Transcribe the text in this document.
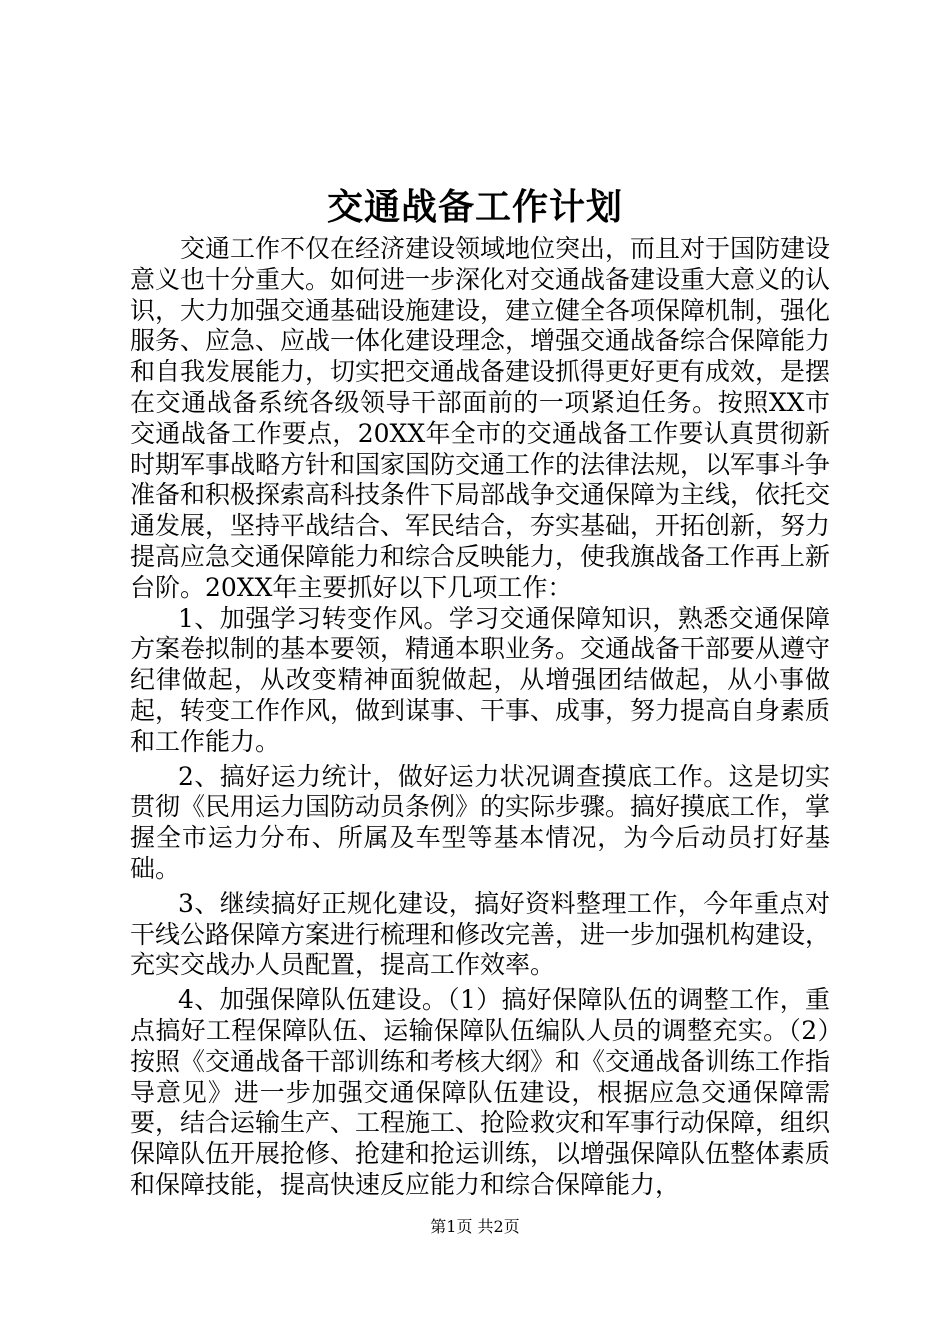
交通战备工作计划

交通工作不仅在经济建设领域地位突出，而且对于国防建设意义也十分重大。如何进一步深化对交通战备建设重大意义的认识，大力加强交通基础设施建设，建立健全各项保障机制，强化服务、应急、应战一体化建设理念，增强交通战备综合保障能力和自我发展能力，切实把交通战备建设抓得更好更有成效，是摆在交通战备系统各级领导干部面前的一项紧迫任务。按照XX市交通战备工作要点，20XX年全市的交通战备工作要认真贯彻新时期军事战略方针和国家国防交通工作的法律法规，以军事斗争准备和积极探索高科技条件下局部战争交通保障为主线，依托交通发展，坚持平战结合、军民结合，夯实基础，开拓创新，努力提高应急交通保障能力和综合反映能力，使我旗战备工作再上新台阶。20XX年主要抓好以下几项工作：

1、加强学习转变作风。学习交通保障知识，熟悉交通保障方案卷拟制的基本要领，精通本职业务。交通战备干部要从遵守纪律做起，从改变精神面貌做起，从增强团结做起，从小事做起，转变工作作风，做到谋事、干事、成事，努力提高自身素质和工作能力。

2、搞好运力统计，做好运力状况调查摸底工作。这是切实贯彻《民用运力国防动员条例》的实际步骤。搞好摸底工作，掌握全市运力分布、所属及车型等基本情况，为今后动员打好基础。

3、继续搞好正规化建设，搞好资料整理工作，今年重点对干线公路保障方案进行梳理和修改完善，进一步加强机构建设，充实交战办人员配置，提高工作效率。

4、加强保障队伍建设。（1）搞好保障队伍的调整工作，重点搞好工程保障队伍、运输保障队伍编队人员的调整充实。（2）按照《交通战备干部训练和考核大纲》和《交通战备训练工作指导意见》进一步加强交通保障队伍建设，根据应急交通保障需要，结合运输生产、工程施工、抢险救灾和军事行动保障，组织保障队伍开展抢修、抢建和抢运训练，以增强保障队伍整体素质和保障技能，提高快速反应能力和综合保障能力，

第1页 共2页
